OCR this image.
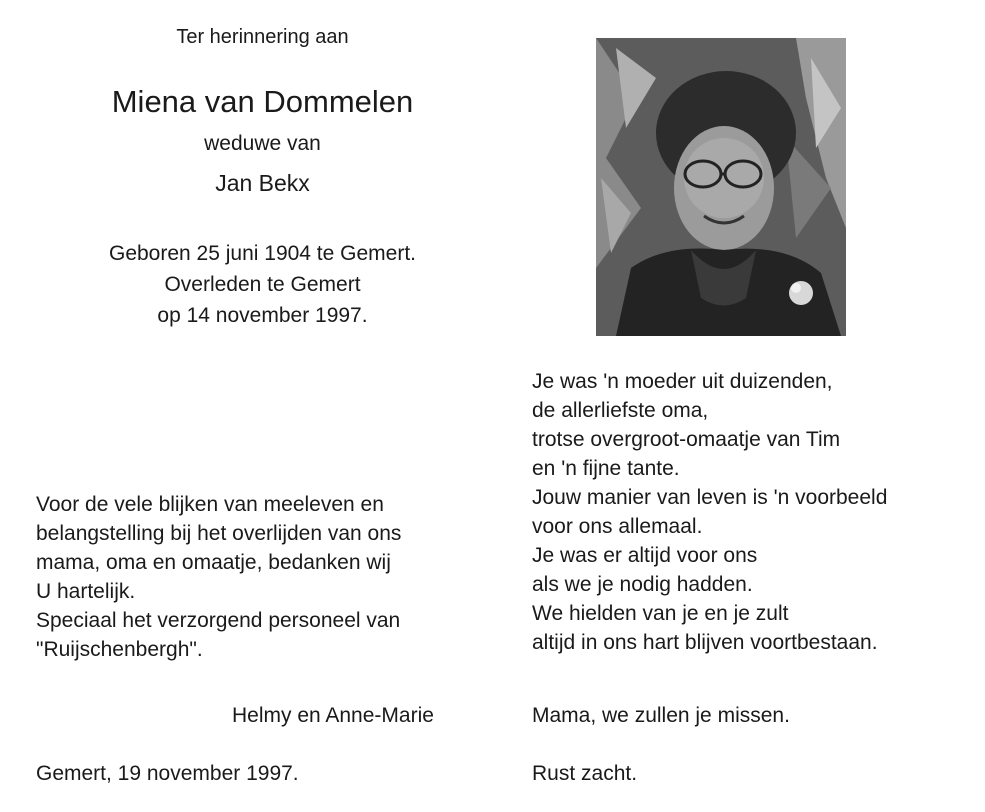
Ter herinnering aan
Miena van Dommelen
weduwe van
Jan Bekx
Geboren 25 juni 1904 te Gemert.
Overleden te Gemert
op 14 november 1997.
Voor de vele blijken van meeleven en
belangstelling bij het overlijden van ons
mama, oma en omaatje, bedanken wij
U hartelijk.
Speciaal het verzorgend personeel van
"Ruijschenbergh".
Helmy en Anne-Marie
Gemert, 19 november 1997.
Je was 'n moeder uit duizenden,
de allerliefste oma,
trotse overgroot-omaatje van Tim
en 'n fijne tante.
Jouw manier van leven is 'n voorbeeld
voor ons allemaal.
Je was er altijd voor ons
als we je nodig hadden.
We hielden van je en je zult
altijd in ons hart blijven voortbestaan.
Mama, we zullen je missen.
Rust zacht.
